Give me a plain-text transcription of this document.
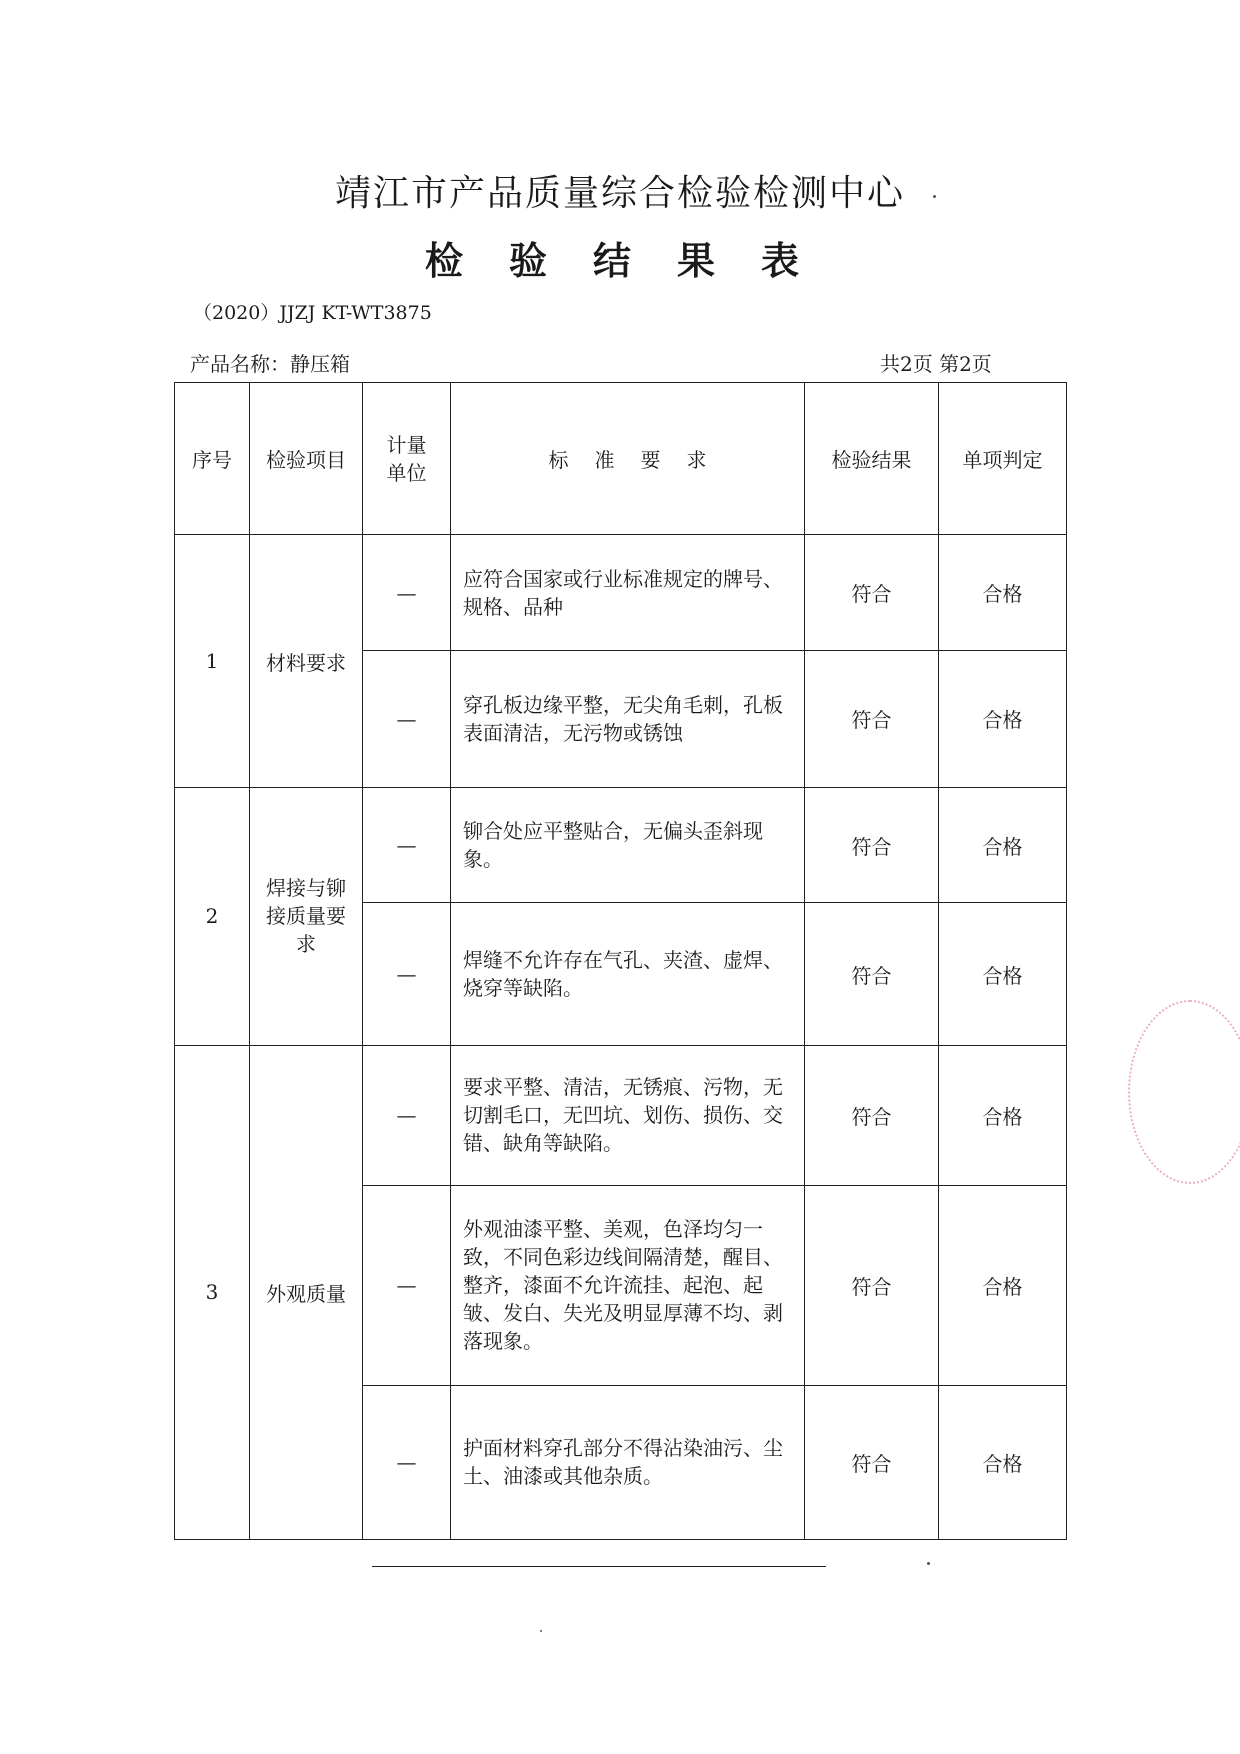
靖江市产品质量综合检验检测中心
检验结果表
（2020）JJZJ KT-WT3875
产品名称：静压箱	共2页 第2页
序号	检验项目	计量单位	标准要求	检验结果	单项判定
1	材料要求	—	应符合国家或行业标准规定的牌号、规格、品种	符合	合格
		—	穿孔板边缘平整，无尖角毛刺，孔板表面清洁，无污物或锈蚀	符合	合格
2	焊接与铆接质量要求	—	铆合处应平整贴合，无偏头歪斜现象。	符合	合格
		—	焊缝不允许存在气孔、夹渣、虚焊、烧穿等缺陷。	符合	合格
3	外观质量	—	要求平整、清洁，无锈痕、污物，无切割毛口，无凹坑、划伤、损伤、交错、缺角等缺陷。	符合	合格
		—	外观油漆平整、美观，色泽均匀一致，不同色彩边线间隔清楚，醒目、整齐，漆面不允许流挂、起泡、起皱、发白、失光及明显厚薄不均、剥落现象。	符合	合格
		—	护面材料穿孔部分不得沾染油污、尘土、油漆或其他杂质。	符合	合格
